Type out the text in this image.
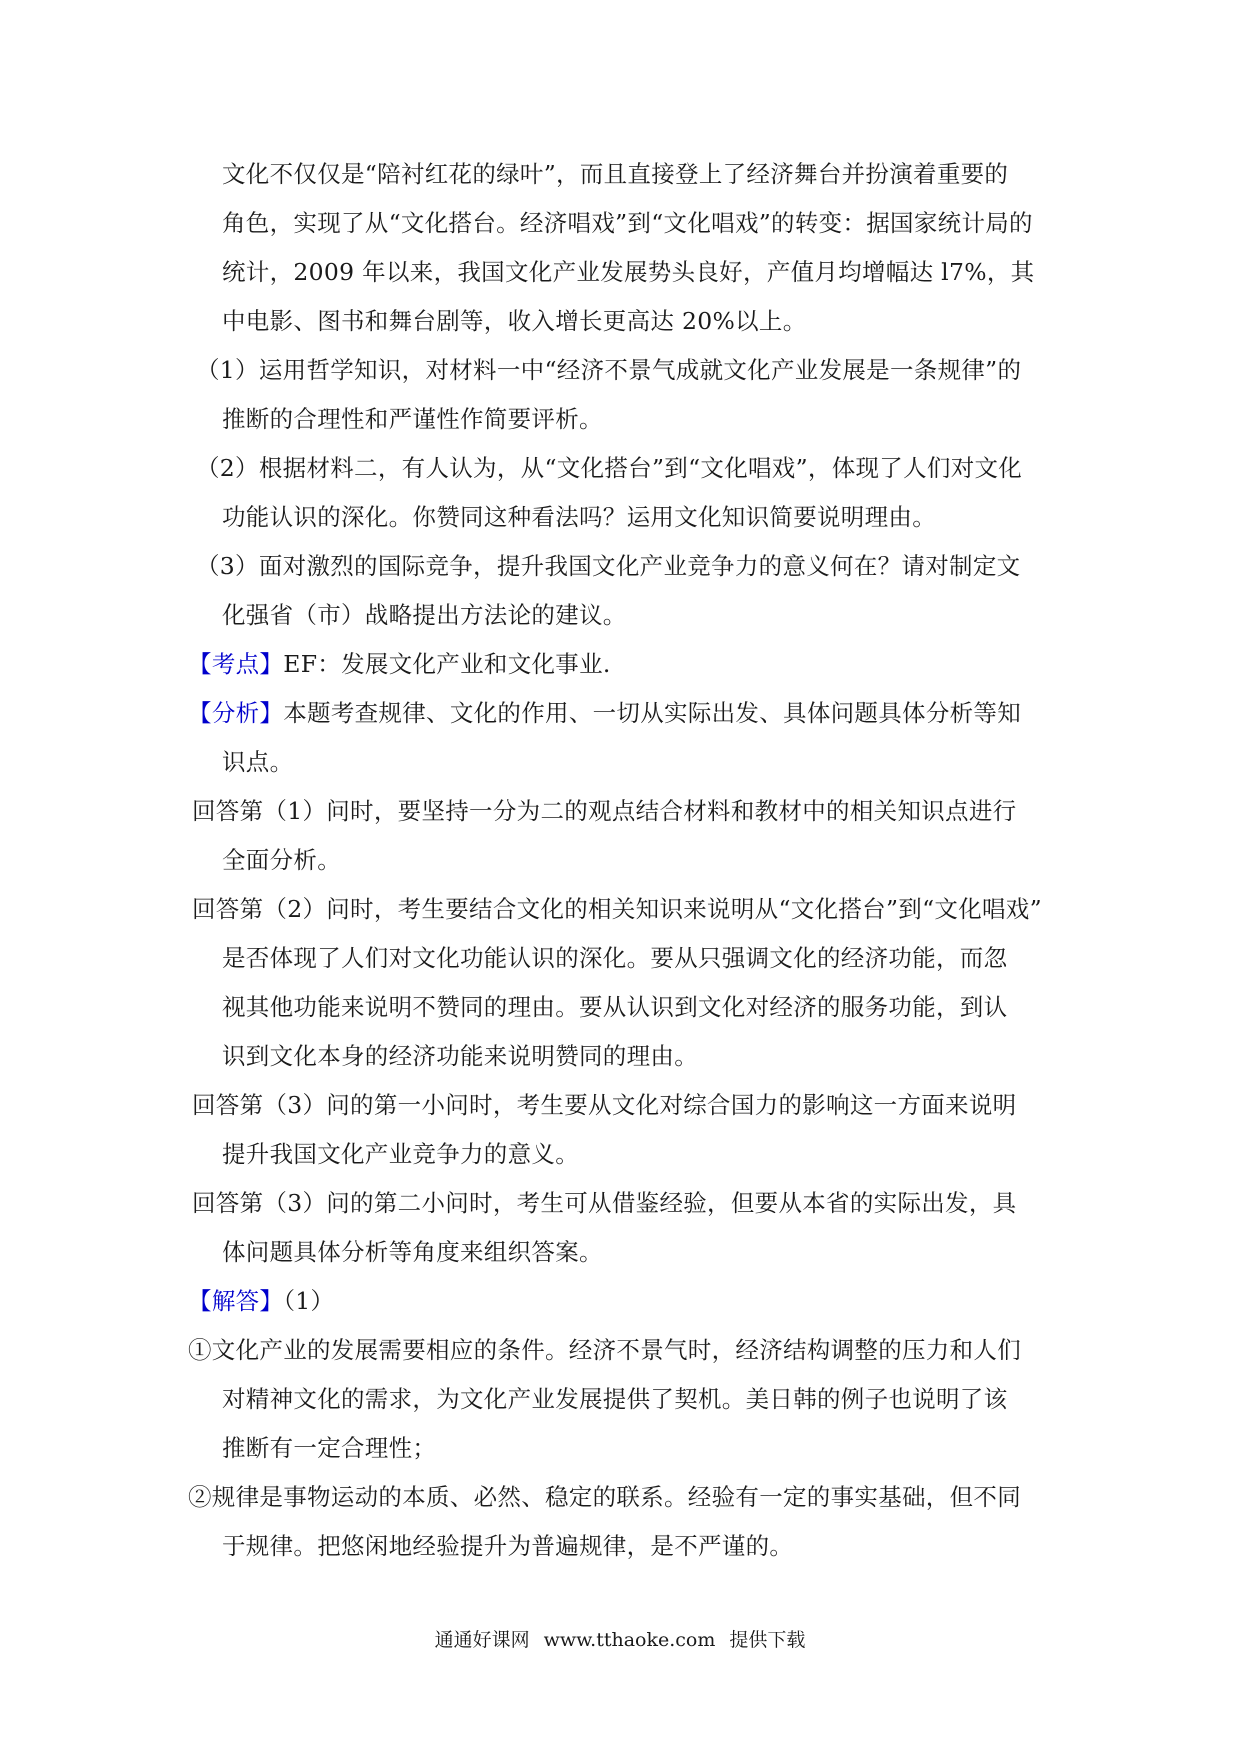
文化不仅仅是“陪衬红花的绿叶”，而且直接登上了经济舞台并扮演着重要的
角色，实现了从“文化搭台。经济唱戏”到“文化唱戏”的转变：据国家统计局的
统计，2009 年以来，我国文化产业发展势头良好，产值月均增幅达 l7%，其
中电影、图书和舞台剧等，收入增长更高达 20%以上。
（1）运用哲学知识，对材料一中“经济不景气成就文化产业发展是一条规律”的
推断的合理性和严谨性作简要评析。
（2）根据材料二，有人认为，从“文化搭台”到“文化唱戏”，体现了人们对文化
功能认识的深化。你赞同这种看法吗？运用文化知识简要说明理由。
（3）面对激烈的国际竞争，提升我国文化产业竞争力的意义何在？请对制定文
化强省（市）战略提出方法论的建议。
【考点】EF：发展文化产业和文化事业.
【分析】本题考查规律、文化的作用、一切从实际出发、具体问题具体分析等知
识点。
回答第（1）问时，要坚持一分为二的观点结合材料和教材中的相关知识点进行
全面分析。
回答第（2）问时，考生要结合文化的相关知识来说明从“文化搭台”到“文化唱戏”
是否体现了人们对文化功能认识的深化。要从只强调文化的经济功能，而忽
视其他功能来说明不赞同的理由。要从认识到文化对经济的服务功能，到认
识到文化本身的经济功能来说明赞同的理由。
回答第（3）问的第一小问时，考生要从文化对综合国力的影响这一方面来说明
提升我国文化产业竞争力的意义。
回答第（3）问的第二小问时，考生可从借鉴经验，但要从本省的实际出发，具
体问题具体分析等角度来组织答案。
【解答】（1）
①文化产业的发展需要相应的条件。经济不景气时，经济结构调整的压力和人们
对精神文化的需求，为文化产业发展提供了契机。美日韩的例子也说明了该
推断有一定合理性；
②规律是事物运动的本质、必然、稳定的联系。经验有一定的事实基础，但不同
于规律。把悠闲地经验提升为普遍规律，是不严谨的。
通通好课网 www.tthaoke.com 提供下载
